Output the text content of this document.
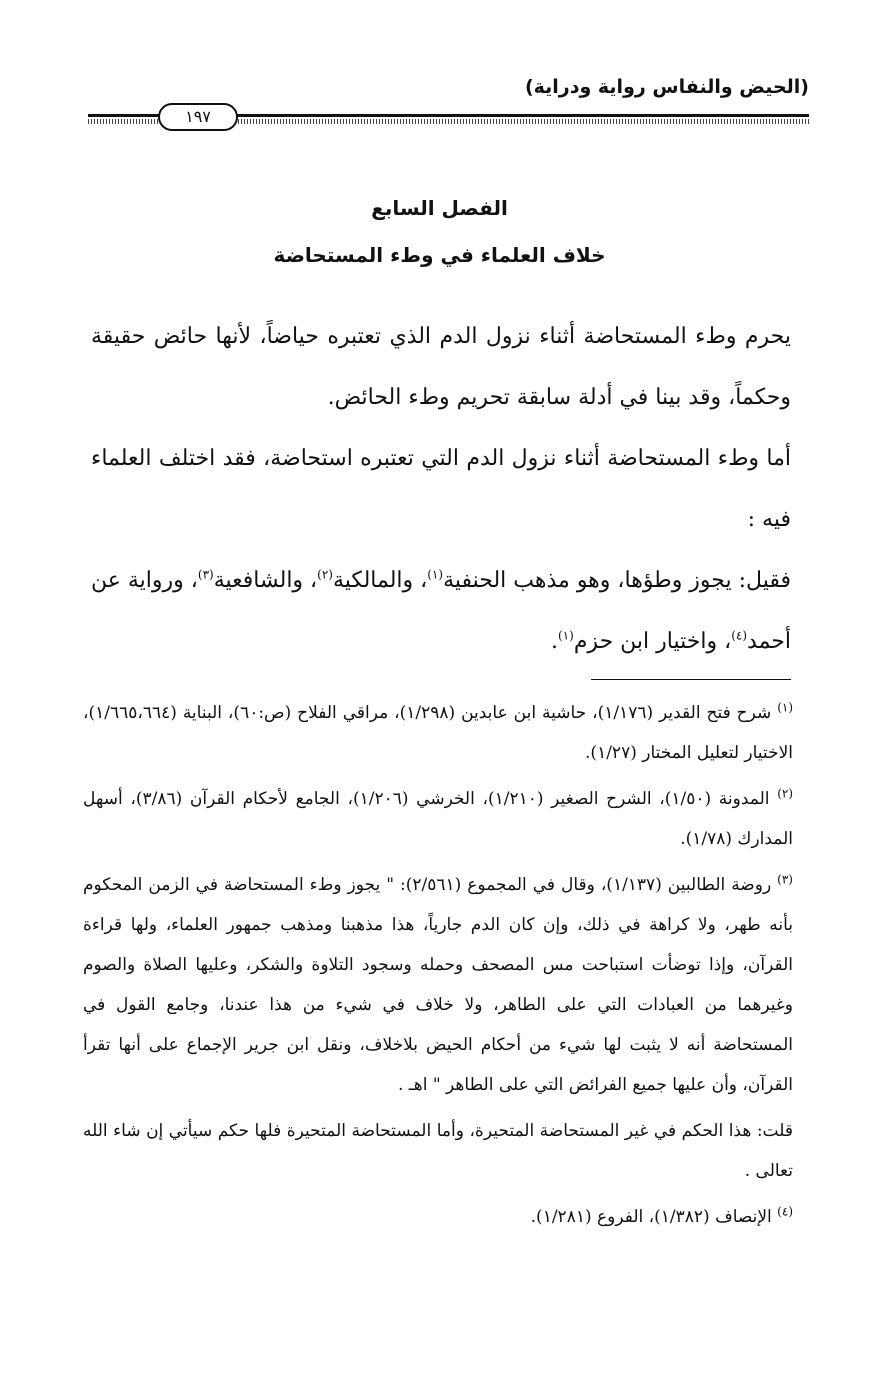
(الحيض والنفاس رواية ودراية)
١٩٧
الفصل السابع
خلاف العلماء في وطء المستحاضة

يحرم وطء المستحاضة أثناء نزول الدم الذي تعتبره حياضاً، لأنها حائض حقيقة وحكماً، وقد بينا في أدلة سابقة تحريم وطء الحائض.

أما وطء المستحاضة أثناء نزول الدم التي تعتبره استحاضة، فقد اختلف العلماء فيه :

فقيل: يجوز وطؤها، وهو مذهب الحنفية$^{(١)}$، والمالكية$^{(٢)}$، والشافعية$^{(٣)}$، ورواية عن أحمد$^{(٤)}$، واختيار ابن حزم$^{(١)}$.

$^{(١)}$ شرح فتح القدير (١/١٧٦)، حاشية ابن عابدين (١/٢٩٨)، مراقي الفلاح (ص:٦٠)، البناية (١/٦٦٥،٦٦٤)، الاختيار لتعليل المختار (١/٢٧).

$^{(٢)}$ المدونة (١/٥٠)، الشرح الصغير (١/٢١٠)، الخرشي (١/٢٠٦)، الجامع لأحكام القرآن (٣/٨٦)، أسهل المدارك (١/٧٨).

$^{(٣)}$ روضة الطالبين (١/١٣٧)، وقال في المجموع (٢/٥٦١): " يجوز وطء المستحاضة في الزمن المحكوم بأنه طهر، ولا كراهة في ذلك، وإن كان الدم جارياً، هذا مذهبنا ومذهب جمهور العلماء، ولها قراءة القرآن، وإذا توضأت استباحت مس المصحف وحمله وسجود التلاوة والشكر، وعليها الصلاة والصوم وغيرهما من العبادات التي على الطاهر، ولا خلاف في شيء من هذا عندنا، وجامع القول في المستحاضة أنه لا يثبت لها شيء من أحكام الحيض بلاخلاف، ونقل ابن جرير الإجماع على أنها تقرأ القرآن، وأن عليها جميع الفرائض التي على الطاهر " اهـ .

قلت: هذا الحكم في غير المستحاضة المتحيرة، وأما المستحاضة المتحيرة فلها حكم سيأتي إن شاء الله تعالى .

$^{(٤)}$ الإنصاف (١/٣٨٢)، الفروع (١/٢٨١).
